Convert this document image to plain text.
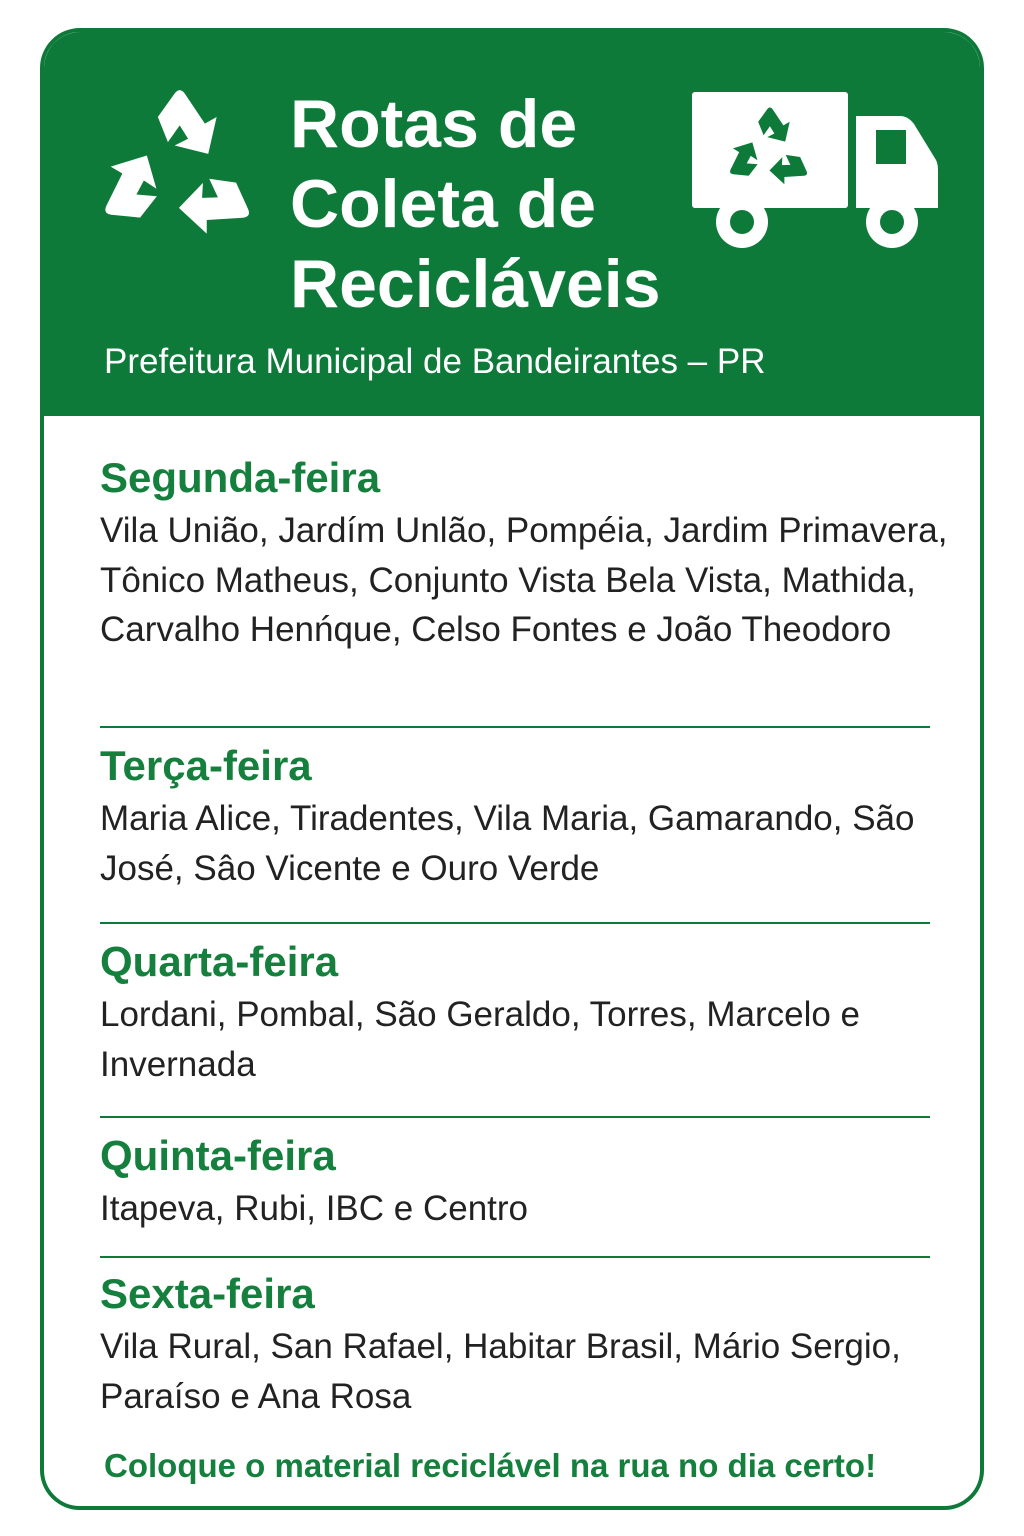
Rotas de
Coleta de
Recicláveis
Prefeitura Municipal de Bandeirantes – PR

Segunda-feira

Vila União, Jardím Unlão, Pompéia, Jardim Primavera, Tônico Matheus, Conjunto Vista Bela Vista, Mathida, Carvalho Henńque, Celso Fontes e João Theodoro

Terça-feira

Maria Alice, Tiradentes, Vila Maria, Gamarando, São José, Sâo Vicente e Ouro Verde

Quarta-feira

Lordani, Pombal, São Geraldo, Torres, Marcelo e Invernada

Quinta-feira

Itapeva, Rubi, IBC e Centro

Sexta-feira

Vila Rural, San Rafael, Habitar Brasil, Mário Sergio, Paraíso e Ana Rosa

Coloque o material reciclável na rua no dia certo!
